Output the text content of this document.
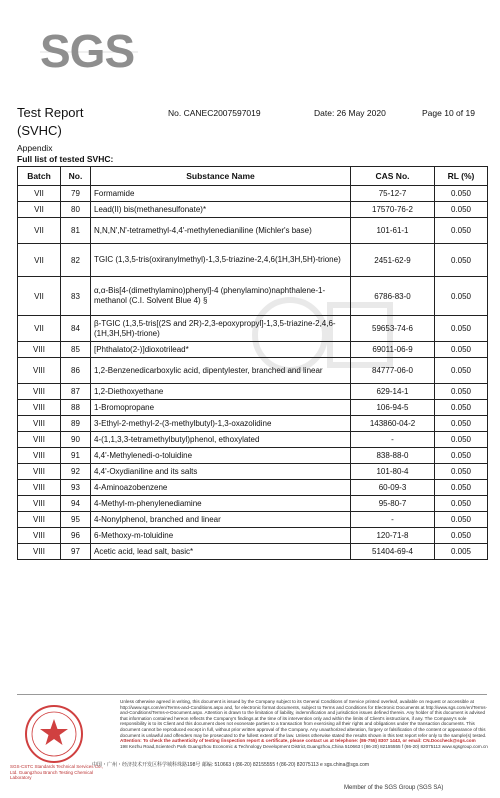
SGS
Test Report
(SVHC)
No. CANEC2007597019	Date: 26 May 2020	Page 10 of 19
Appendix
Full list of tested SVHC:
Batch	No.	Substance Name	CAS No.	RL (%)
VII	79	Formamide	75-12-7	0.050
VII	80	Lead(II) bis(methanesulfonate)*	17570-76-2	0.050
VII	81	N,N,N',N'-tetramethyl-4,4'-methylenedianiline (Michler's base)	101-61-1	0.050
VII	82	TGIC (1,3,5-tris(oxiranylmethyl)-1,3,5-triazine-2,4,6(1H,3H,5H)-trione)	2451-62-9	0.050
VII	83	α,α-Bis[4-(dimethylamino)phenyl]-4 (phenylamino)naphthalene-1-methanol (C.I. Solvent Blue 4) §	6786-83-0	0.050
VII	84	β-TGIC (1,3,5-tris[(2S and 2R)-2,3-epoxypropyl]-1,3,5-triazine-2,4,6-(1H,3H,5H)-trione)	59653-74-6	0.050
VIII	85	[Phthalato(2-)]dioxotrilead*	69011-06-9	0.050
VIII	86	1,2-Benzenedicarboxylic acid, dipentylester, branched and linear	84777-06-0	0.050
VIII	87	1,2-Diethoxyethane	629-14-1	0.050
VIII	88	1-Bromopropane	106-94-5	0.050
VIII	89	3-Ethyl-2-methyl-2-(3-methylbutyl)-1,3-oxazolidine	143860-04-2	0.050
VIII	90	4-(1,1,3,3-tetramethylbutyl)phenol, ethoxylated	-	0.050
VIII	91	4,4'-Methylenedi-o-toluidine	838-88-0	0.050
VIII	92	4,4'-Oxydianiline and its salts	101-80-4	0.050
VIII	93	4-Aminoazobenzene	60-09-3	0.050
VIII	94	4-Methyl-m-phenylenediamine	95-80-7	0.050
VIII	95	4-Nonylphenol, branched and linear	-	0.050
VIII	96	6-Methoxy-m-toluidine	120-71-8	0.050
VIII	97	Acetic acid, lead salt, basic*	51404-69-4	0.005
SGS-CSTC Standards Technical Services Co., Ltd. Guangzhou Branch Testing Chemical Laboratory
Unless otherwise agreed in writing, this document is issued by the Company subject to its General Conditions of Service printed overleaf, available on request or accessible at http://www.sgs.com/en/Terms-and-Conditions.aspx and, for electronic format documents, subject to Terms and Conditions for Electronic Documents at http://www.sgs.com/en/Terms-and-Conditions/Terms-e-Document.aspx. Attention is drawn to the limitation of liability, indemnification and jurisdiction issues defined therein. Any holder of this document is advised that information contained hereon reflects the Company's findings at the time of its intervention only and within the limits of Client's instructions, if any. The Company's sole responsibility is to its Client and this document does not exonerate parties to a transaction from exercising all their rights and obligations under the transaction documents. This document cannot be reproduced except in full, without prior written approval of the Company. Any unauthorized alteration, forgery or falsification of the content or appearance of this document is unlawful and offenders may be prosecuted to the fullest extent of the law. Unless otherwise stated the results shown in this test report refer only to the sample(s) tested.
Attention: To check the authenticity of testing /inspection report & certificate, please contact us at telephone: (86-755) 8307 1443, or email: CN.Doccheck@sgs.com
198 Kezhu Road,Scientech Park Guangzhou Economic & Technology Development District,Guangzhou,China 510663 t (86-20) 82155555 f (86-20) 82075113 www.sgsgroup.com.cn
中国・广州・经济技术开发区科学城科珠路198号 邮编: 510663 t (86-20) 82155555 f (86-20) 82075113 e sgs.china@sgs.com
Member of the SGS Group (SGS SA)
